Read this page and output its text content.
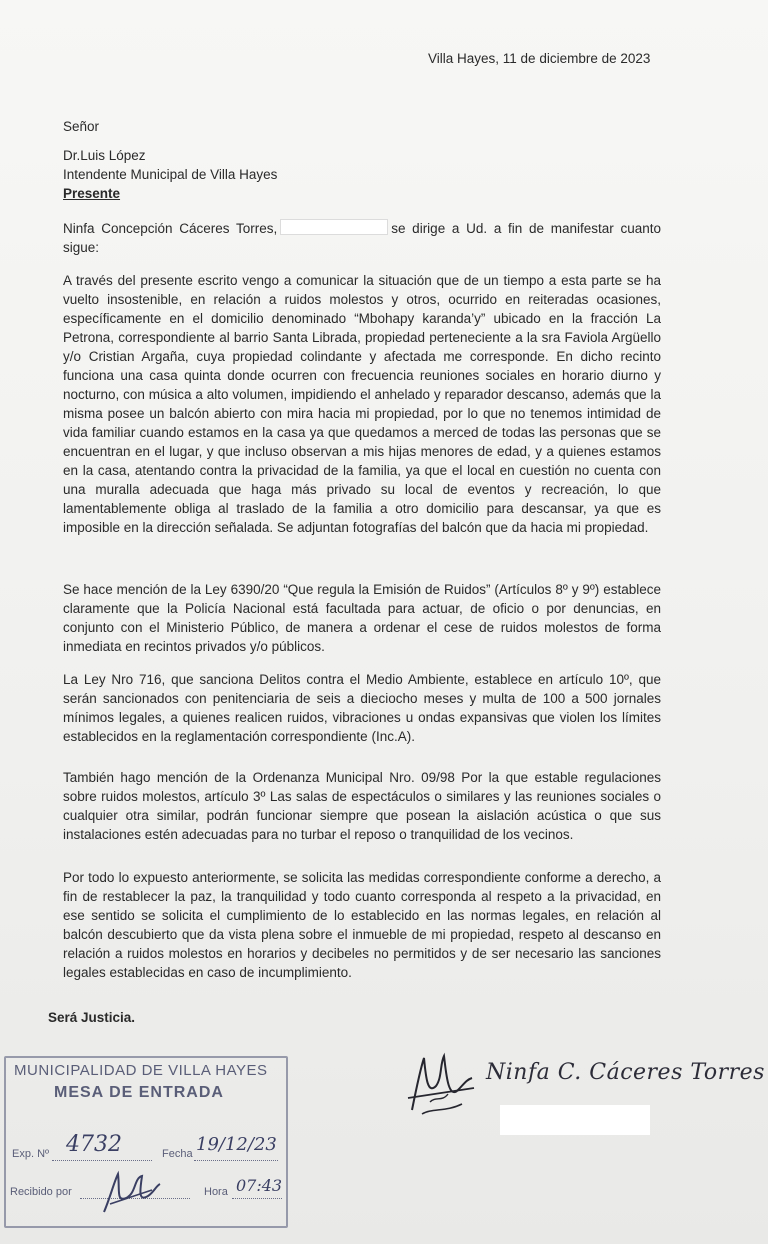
Villa Hayes, 11 de diciembre de 2023
Señor
Dr.Luis López
Intendente Municipal de Villa Hayes
Presente
Ninfa Concepción Cáceres Torres,	se dirige a Ud. a fin de manifestar cuanto sigue:

A través del presente escrito vengo a comunicar la situación que de un tiempo a esta parte se ha vuelto insostenible, en relación a ruidos molestos y otros, ocurrido en reiteradas ocasiones, específicamente en el domicilio denominado “Mbohapy karanda’y” ubicado en la fracción La Petrona, correspondiente al barrio Santa Librada, propiedad perteneciente a la sra Faviola Argüello y/o Cristian Argaña, cuya propiedad colindante y afectada me corresponde. En dicho recinto funciona una casa quinta donde ocurren con frecuencia reuniones sociales en horario diurno y nocturno, con música a alto volumen, impidiendo el anhelado y reparador descanso, además que la misma posee un balcón abierto con mira hacia mi propiedad, por lo que no tenemos intimidad de vida familiar cuando estamos en la casa ya que quedamos a merced de todas las personas que se encuentran en el lugar, y que incluso observan a mis hijas menores de edad, y a quienes estamos en la casa, atentando contra la privacidad de la familia, ya que el local en cuestión no cuenta con una muralla adecuada que haga más privado su local de eventos y recreación, lo que lamentablemente obliga al traslado de la familia a otro domicilio para descansar, ya que es imposible en la dirección señalada. Se adjuntan fotografías del balcón que da hacia mi propiedad.

Se hace mención de la Ley 6390/20 “Que regula la Emisión de Ruidos” (Artículos 8º y 9º) establece claramente que la Policía Nacional está facultada para actuar, de oficio o por denuncias, en conjunto con el Ministerio Público, de manera a ordenar el cese de ruidos molestos de forma inmediata en recintos privados y/o públicos.

La Ley Nro 716, que sanciona Delitos contra el Medio Ambiente, establece en artículo 10º, que serán sancionados con penitenciaria de seis a dieciocho meses y multa de 100 a 500 jornales mínimos legales, a quienes realicen ruidos, vibraciones u ondas expansivas que violen los límites establecidos en la reglamentación correspondiente (Inc.A).

También hago mención de la Ordenanza Municipal Nro. 09/98 Por la que estable regulaciones sobre ruidos molestos, artículo 3º Las salas de espectáculos o similares y las reuniones sociales o cualquier otra similar, podrán funcionar siempre que posean la aislación acústica o que sus instalaciones estén adecuadas para no turbar el reposo o tranquilidad de los vecinos.

Por todo lo expuesto anteriormente, se solicita las medidas correspondiente conforme a derecho, a fin de restablecer la paz, la tranquilidad y todo cuanto corresponda al respeto a la privacidad, en ese sentido se solicita el cumplimiento de lo establecido en las normas legales, en relación al balcón descubierto que da vista plena sobre el inmueble de mi propiedad, respeto al descanso en relación a ruidos molestos en horarios y decibeles no permitidos y de ser necesario las sanciones legales establecidas en caso de incumplimiento.

Será Justicia.
MUNICIPALIDAD DE VILLA HAYES
MESA DE ENTRADA
Exp. Nº 4732	Fecha 19/12/23
Recibido por	Hora 07:43
Ninfa C. Cáceres Torres
